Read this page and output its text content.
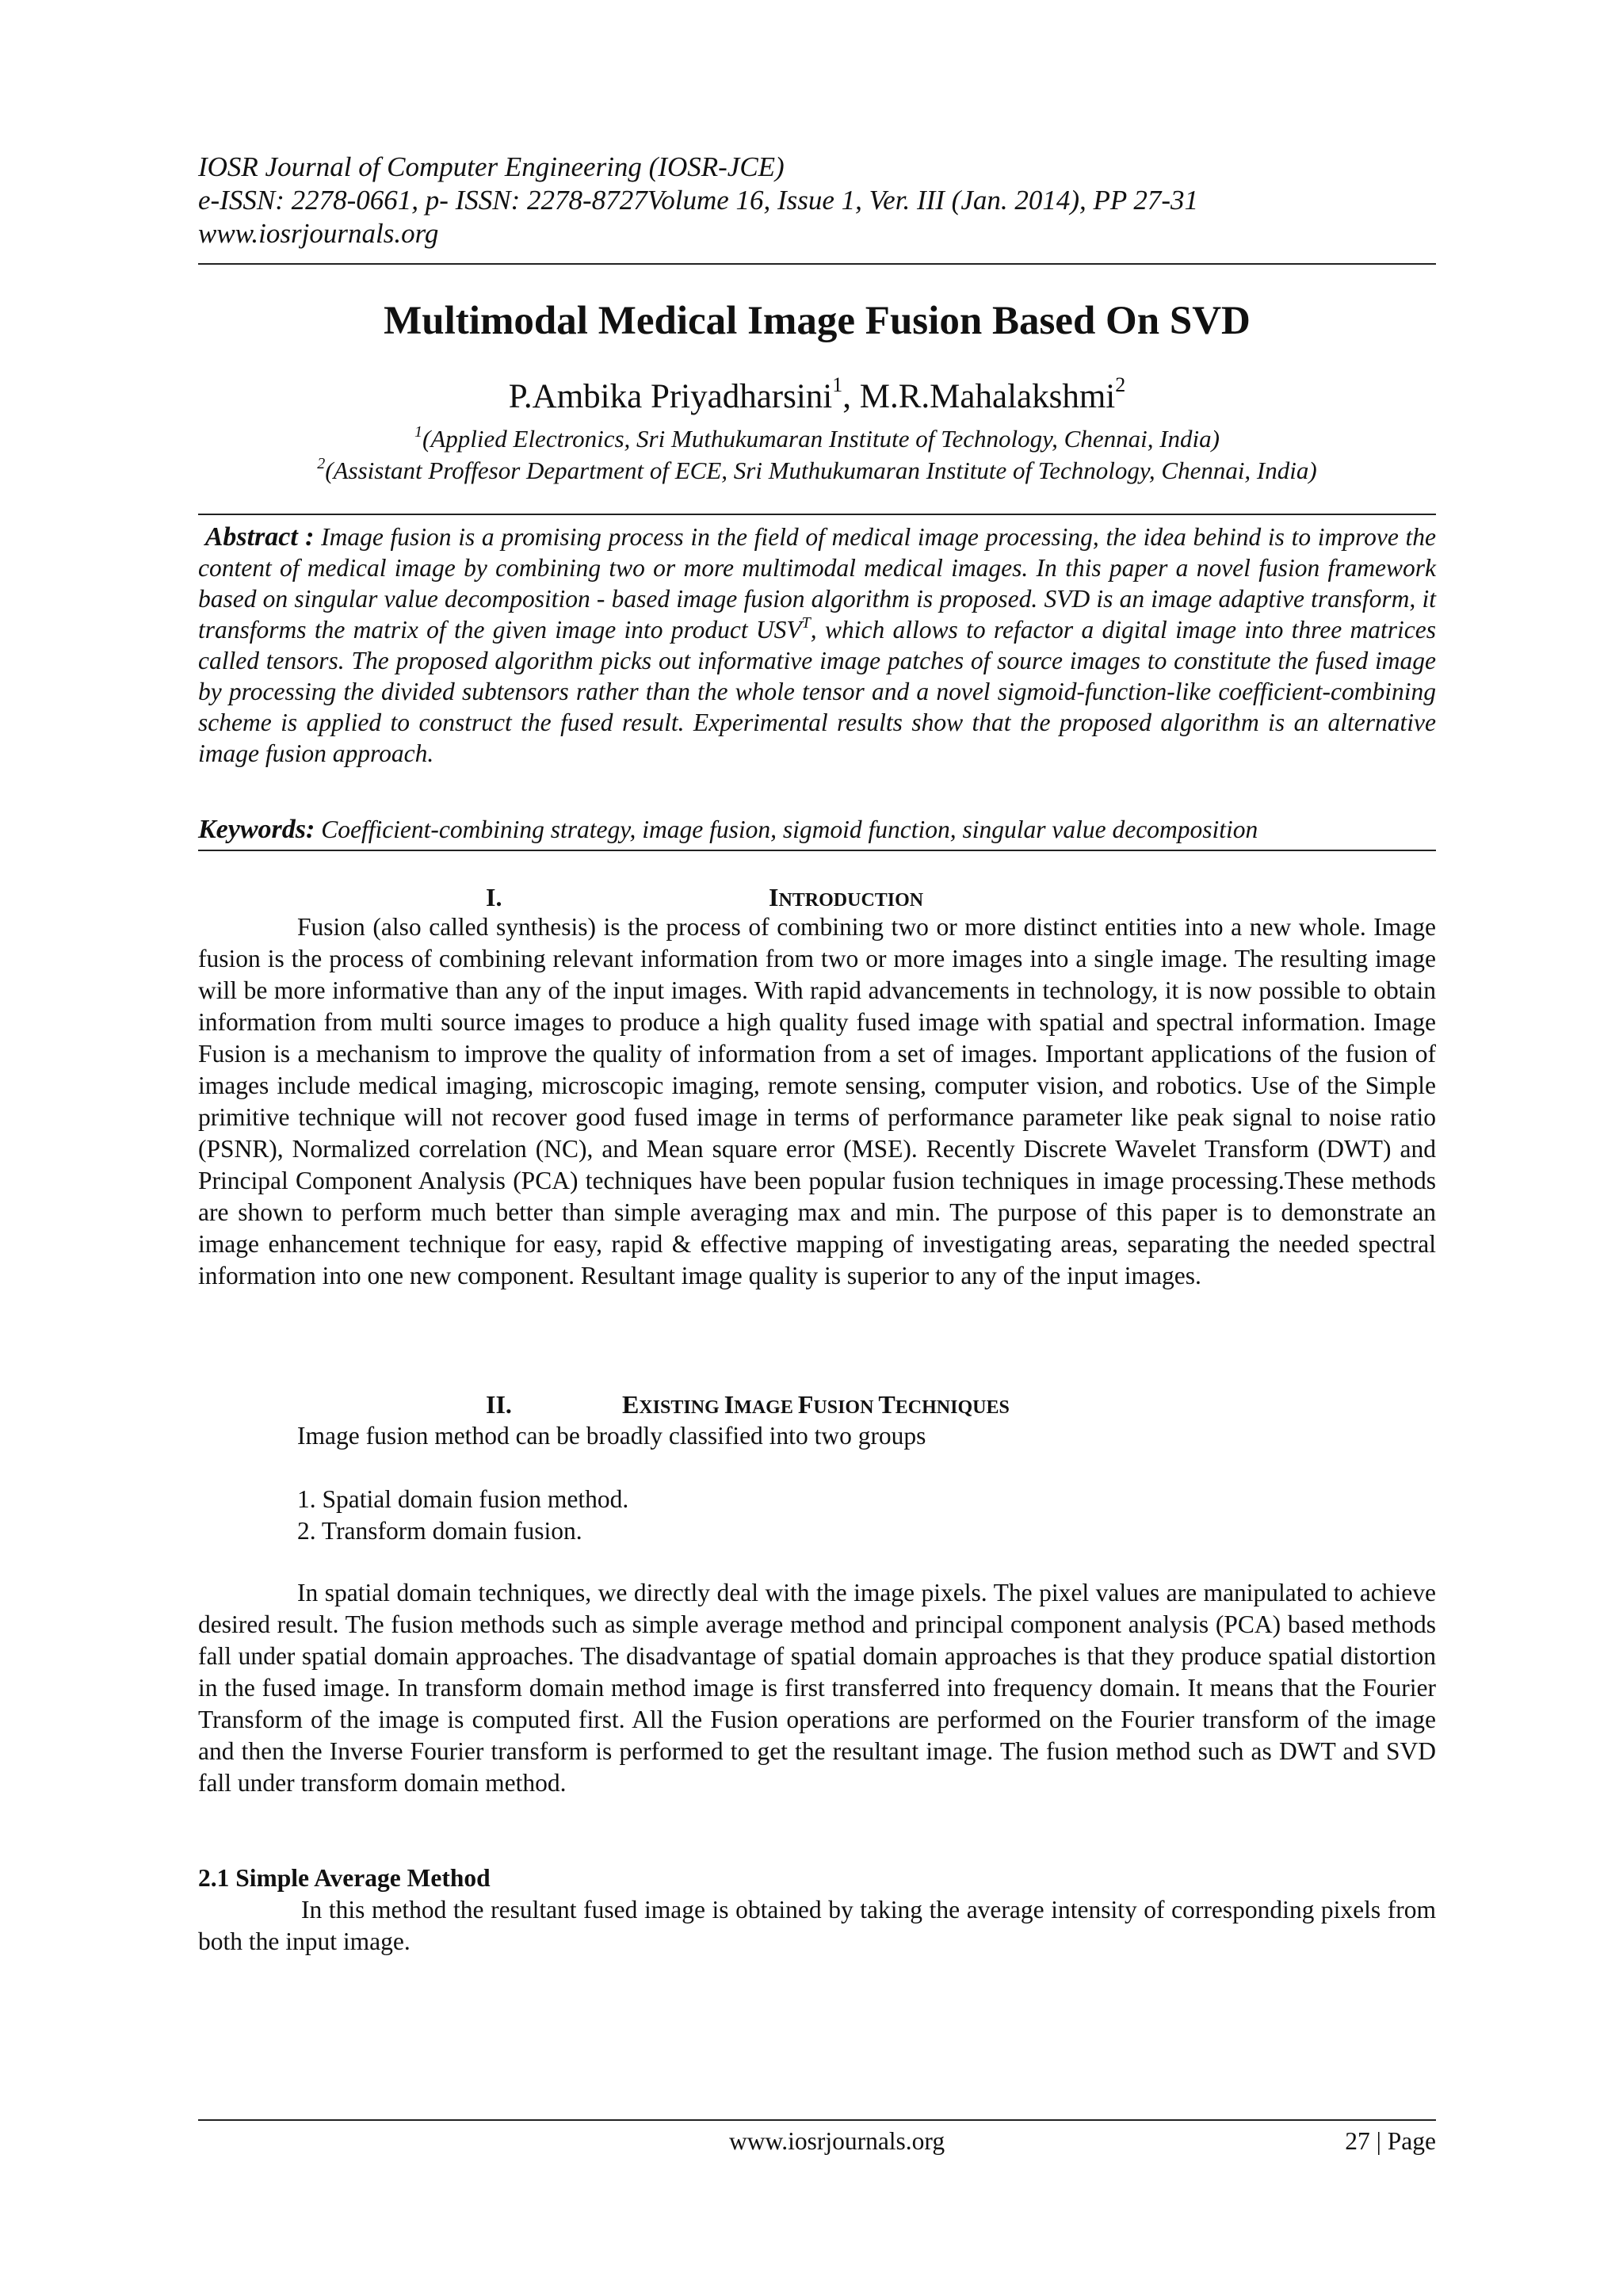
IOSR Journal of Computer Engineering (IOSR-JCE)
e-ISSN: 2278-0661, p- ISSN: 2278-8727Volume 16, Issue 1, Ver. III (Jan. 2014), PP 27-31
www.iosrjournals.org
Multimodal Medical Image Fusion Based On SVD
P.Ambika Priyadharsini$^1$, M.R.Mahalakshmi$^2$
$^1$(Applied Electronics, Sri Muthukumaran Institute of Technology, Chennai, India)
$^2$(Assistant Proffesor Department of ECE, Sri Muthukumaran Institute of Technology, Chennai, India)
Abstract : Image fusion is a promising process in the field of medical image processing, the idea behind is to improve the content of medical image by combining two or more multimodal medical images. In this paper a novel fusion framework based on singular value decomposition - based image fusion algorithm is proposed. SVD is an image adaptive transform, it transforms the matrix of the given image into product $USV^T$, which allows to refactor a digital image into three matrices called tensors. The proposed algorithm picks out informative image patches of source images to constitute the fused image by processing the divided subtensors rather than the whole tensor and a novel sigmoid-function-like coefficient-combining scheme is applied to construct the fused result. Experimental results show that the proposed algorithm is an alternative image fusion approach.
Keywords: Coefficient-combining strategy, image fusion, sigmoid function, singular value decomposition
I.	INTRODUCTION
Fusion (also called synthesis) is the process of combining two or more distinct entities into a new whole. Image fusion is the process of combining relevant information from two or more images into a single image. The resulting image will be more informative than any of the input images. With rapid advancements in technology, it is now possible to obtain information from multi source images to produce a high quality fused image with spatial and spectral information. Image Fusion is a mechanism to improve the quality of information from a set of images. Important applications of the fusion of images include medical imaging, microscopic imaging, remote sensing, computer vision, and robotics. Use of the Simple primitive technique will not recover good fused image in terms of performance parameter like peak signal to noise ratio (PSNR), Normalized correlation (NC), and Mean square error (MSE). Recently Discrete Wavelet Transform (DWT) and Principal Component Analysis (PCA) techniques have been popular fusion techniques in image processing.These methods are shown to perform much better than simple averaging max and min. The purpose of this paper is to demonstrate an image enhancement technique for easy, rapid & effective mapping of investigating areas, separating the needed spectral information into one new component. Resultant image quality is superior to any of the input images.
II.	EXISTING IMAGE FUSION TECHNIQUES
Image fusion method can be broadly classified into two groups
1. Spatial domain fusion method.
2. Transform domain fusion.
In spatial domain techniques, we directly deal with the image pixels. The pixel values are manipulated to achieve desired result. The fusion methods such as simple average method and principal component analysis (PCA) based methods fall under spatial domain approaches. The disadvantage of spatial domain approaches is that they produce spatial distortion in the fused image. In transform domain method image is first transferred into frequency domain. It means that the Fourier Transform of the image is computed first. All the Fusion operations are performed on the Fourier transform of the image and then the Inverse Fourier transform is performed to get the resultant image. The fusion method such as DWT and SVD fall under transform domain method.
2.1 Simple Average Method
In this method the resultant fused image is obtained by taking the average intensity of corresponding pixels from both the input image.
www.iosrjournals.org	27 | Page
